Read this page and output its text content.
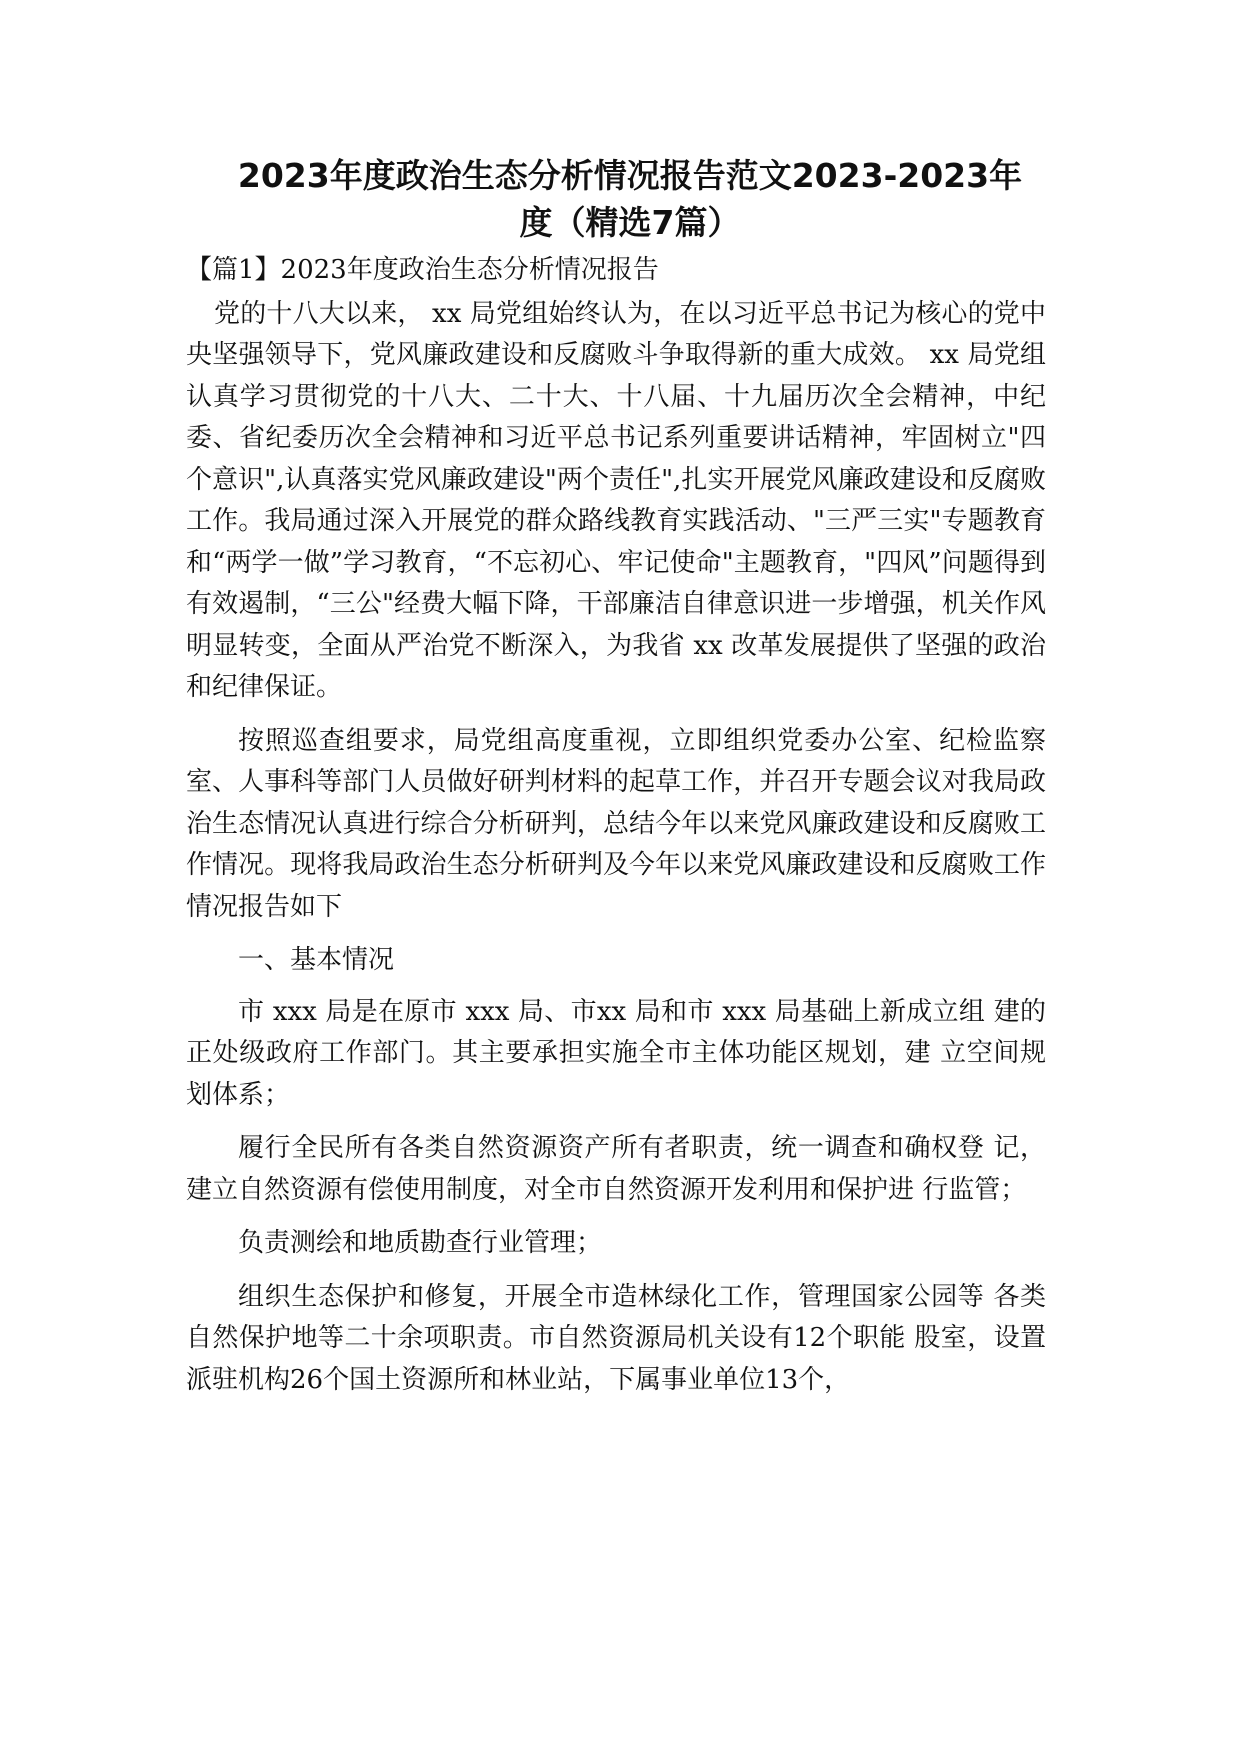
2023年度政治生态分析情况报告范文2023-2023年
度（精选7篇）
【篇1】2023年度政治生态分析情况报告

党的十八大以来， xx 局党组始终认为，在以习近平总书记为核心的党中央坚强领导下，党风廉政建设和反腐败斗争取得新的重大成效。 xx 局党组认真学习贯彻党的十八大、二十大、十八届、十九届历次全会精神，中纪委、省纪委历次全会精神和习近平总书记系列重要讲话精神，牢固树立"四个意识",认真落实党风廉政建设"两个责任",扎实开展党风廉政建设和反腐败工作。我局通过深入开展党的群众路线教育实践活动、"三严三实"专题教育和“两学一做”学习教育，“不忘初心、牢记使命"主题教育，"四风”问题得到有效遏制，“三公"经费大幅下降，干部廉洁自律意识进一步增强，机关作风明显转变，全面从严治党不断深入，为我省 xx 改革发展提供了坚强的政治和纪律保证。

按照巡查组要求，局党组高度重视，立即组织党委办公室、纪检监察室、人事科等部门人员做好研判材料的起草工作，并召开专题会议对我局政治生态情况认真进行综合分析研判，总结今年以来党风廉政建设和反腐败工作情况。现将我局政治生态分析研判及今年以来党风廉政建设和反腐败工作情况报告如下

一、基本情况

市 xxx 局是在原市 xxx 局、市xx 局和市 xxx 局基础上新成立组 建的正处级政府工作部门。其主要承担实施全市主体功能区规划，建 立空间规划体系；

履行全民所有各类自然资源资产所有者职责，统一调查和确权登 记，建立自然资源有偿使用制度，对全市自然资源开发利用和保护进 行监管；

负责测绘和地质勘查行业管理；

组织生态保护和修复，开展全市造林绿化工作，管理国家公园等 各类自然保护地等二十余项职责。市自然资源局机关设有12个职能 股室，设置派驻机构26个国土资源所和林业站，下属事业单位13个，
